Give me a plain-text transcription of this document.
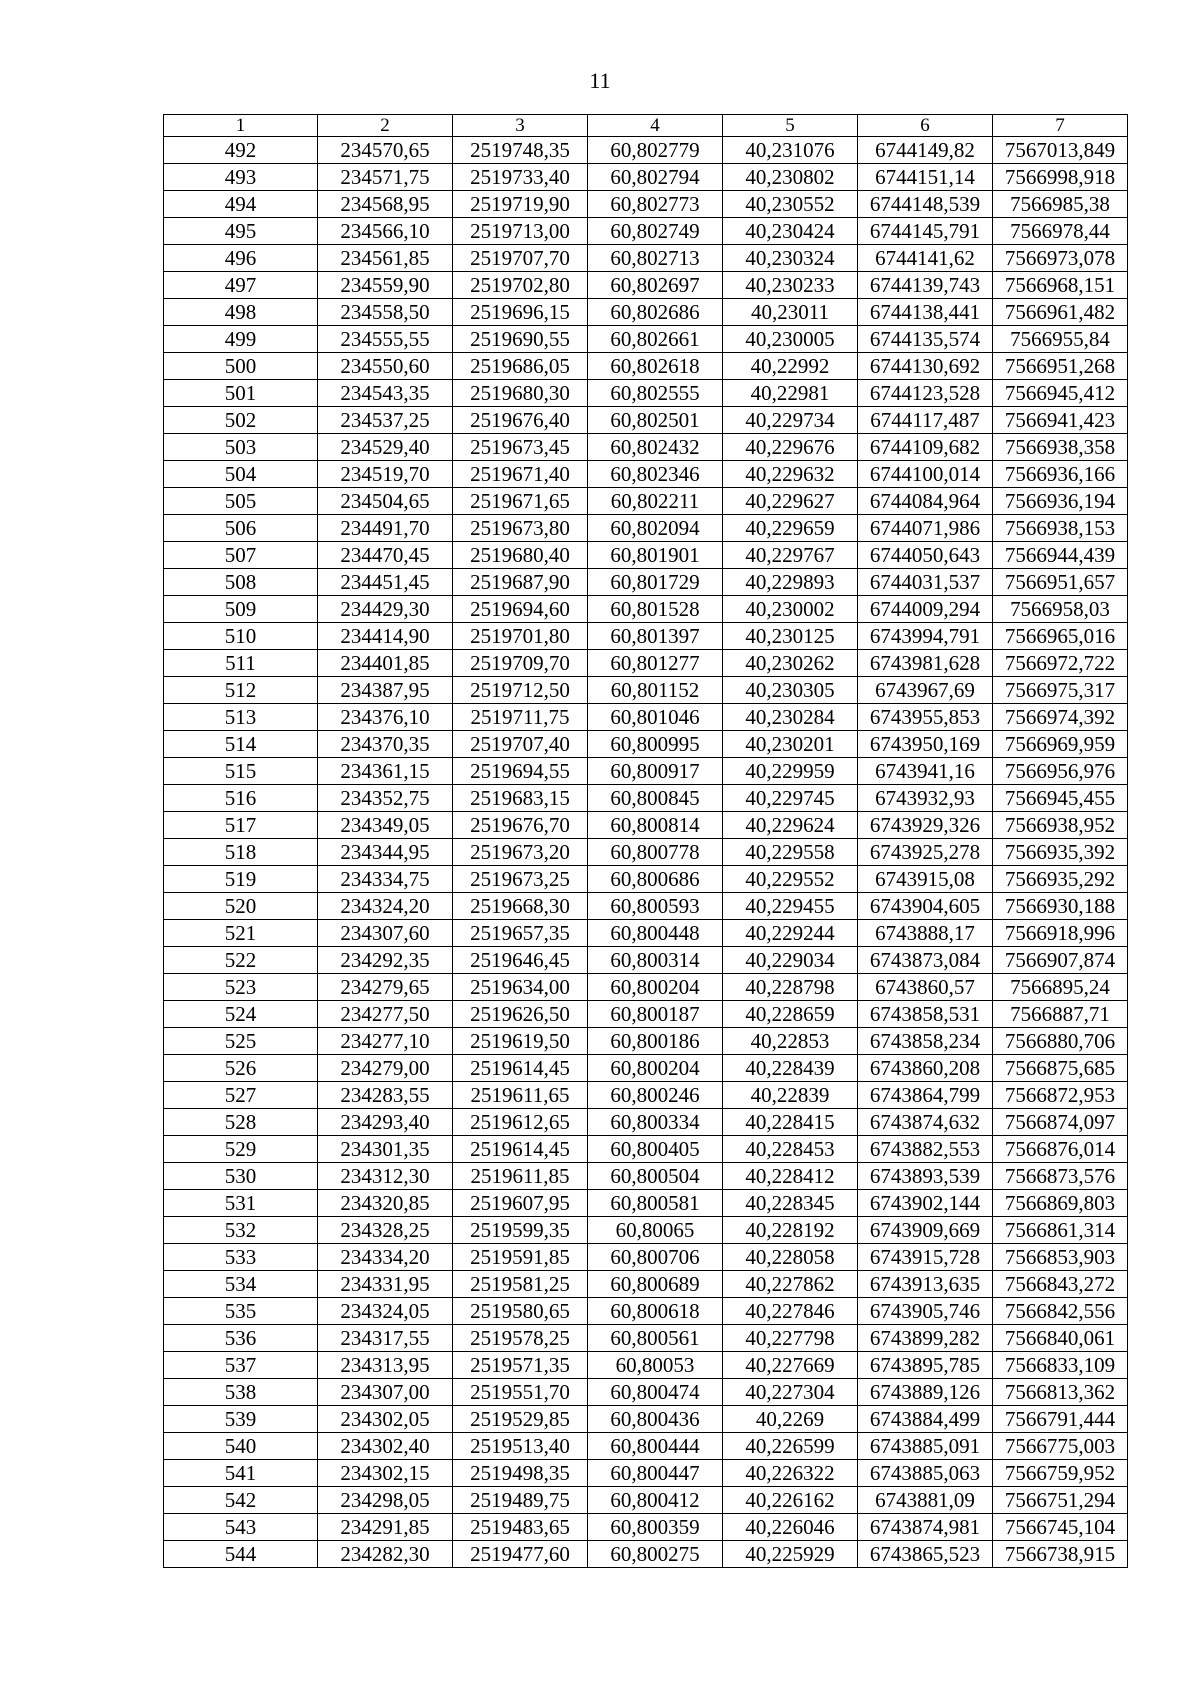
11
1	2	3	4	5	6	7
492	234570,65	2519748,35	60,802779	40,231076	6744149,82	7567013,849
493	234571,75	2519733,40	60,802794	40,230802	6744151,14	7566998,918
494	234568,95	2519719,90	60,802773	40,230552	6744148,539	7566985,38
495	234566,10	2519713,00	60,802749	40,230424	6744145,791	7566978,44
496	234561,85	2519707,70	60,802713	40,230324	6744141,62	7566973,078
497	234559,90	2519702,80	60,802697	40,230233	6744139,743	7566968,151
498	234558,50	2519696,15	60,802686	40,23011	6744138,441	7566961,482
499	234555,55	2519690,55	60,802661	40,230005	6744135,574	7566955,84
500	234550,60	2519686,05	60,802618	40,22992	6744130,692	7566951,268
501	234543,35	2519680,30	60,802555	40,22981	6744123,528	7566945,412
502	234537,25	2519676,40	60,802501	40,229734	6744117,487	7566941,423
503	234529,40	2519673,45	60,802432	40,229676	6744109,682	7566938,358
504	234519,70	2519671,40	60,802346	40,229632	6744100,014	7566936,166
505	234504,65	2519671,65	60,802211	40,229627	6744084,964	7566936,194
506	234491,70	2519673,80	60,802094	40,229659	6744071,986	7566938,153
507	234470,45	2519680,40	60,801901	40,229767	6744050,643	7566944,439
508	234451,45	2519687,90	60,801729	40,229893	6744031,537	7566951,657
509	234429,30	2519694,60	60,801528	40,230002	6744009,294	7566958,03
510	234414,90	2519701,80	60,801397	40,230125	6743994,791	7566965,016
511	234401,85	2519709,70	60,801277	40,230262	6743981,628	7566972,722
512	234387,95	2519712,50	60,801152	40,230305	6743967,69	7566975,317
513	234376,10	2519711,75	60,801046	40,230284	6743955,853	7566974,392
514	234370,35	2519707,40	60,800995	40,230201	6743950,169	7566969,959
515	234361,15	2519694,55	60,800917	40,229959	6743941,16	7566956,976
516	234352,75	2519683,15	60,800845	40,229745	6743932,93	7566945,455
517	234349,05	2519676,70	60,800814	40,229624	6743929,326	7566938,952
518	234344,95	2519673,20	60,800778	40,229558	6743925,278	7566935,392
519	234334,75	2519673,25	60,800686	40,229552	6743915,08	7566935,292
520	234324,20	2519668,30	60,800593	40,229455	6743904,605	7566930,188
521	234307,60	2519657,35	60,800448	40,229244	6743888,17	7566918,996
522	234292,35	2519646,45	60,800314	40,229034	6743873,084	7566907,874
523	234279,65	2519634,00	60,800204	40,228798	6743860,57	7566895,24
524	234277,50	2519626,50	60,800187	40,228659	6743858,531	7566887,71
525	234277,10	2519619,50	60,800186	40,22853	6743858,234	7566880,706
526	234279,00	2519614,45	60,800204	40,228439	6743860,208	7566875,685
527	234283,55	2519611,65	60,800246	40,22839	6743864,799	7566872,953
528	234293,40	2519612,65	60,800334	40,228415	6743874,632	7566874,097
529	234301,35	2519614,45	60,800405	40,228453	6743882,553	7566876,014
530	234312,30	2519611,85	60,800504	40,228412	6743893,539	7566873,576
531	234320,85	2519607,95	60,800581	40,228345	6743902,144	7566869,803
532	234328,25	2519599,35	60,80065	40,228192	6743909,669	7566861,314
533	234334,20	2519591,85	60,800706	40,228058	6743915,728	7566853,903
534	234331,95	2519581,25	60,800689	40,227862	6743913,635	7566843,272
535	234324,05	2519580,65	60,800618	40,227846	6743905,746	7566842,556
536	234317,55	2519578,25	60,800561	40,227798	6743899,282	7566840,061
537	234313,95	2519571,35	60,80053	40,227669	6743895,785	7566833,109
538	234307,00	2519551,70	60,800474	40,227304	6743889,126	7566813,362
539	234302,05	2519529,85	60,800436	40,2269	6743884,499	7566791,444
540	234302,40	2519513,40	60,800444	40,226599	6743885,091	7566775,003
541	234302,15	2519498,35	60,800447	40,226322	6743885,063	7566759,952
542	234298,05	2519489,75	60,800412	40,226162	6743881,09	7566751,294
543	234291,85	2519483,65	60,800359	40,226046	6743874,981	7566745,104
544	234282,30	2519477,60	60,800275	40,225929	6743865,523	7566738,915
